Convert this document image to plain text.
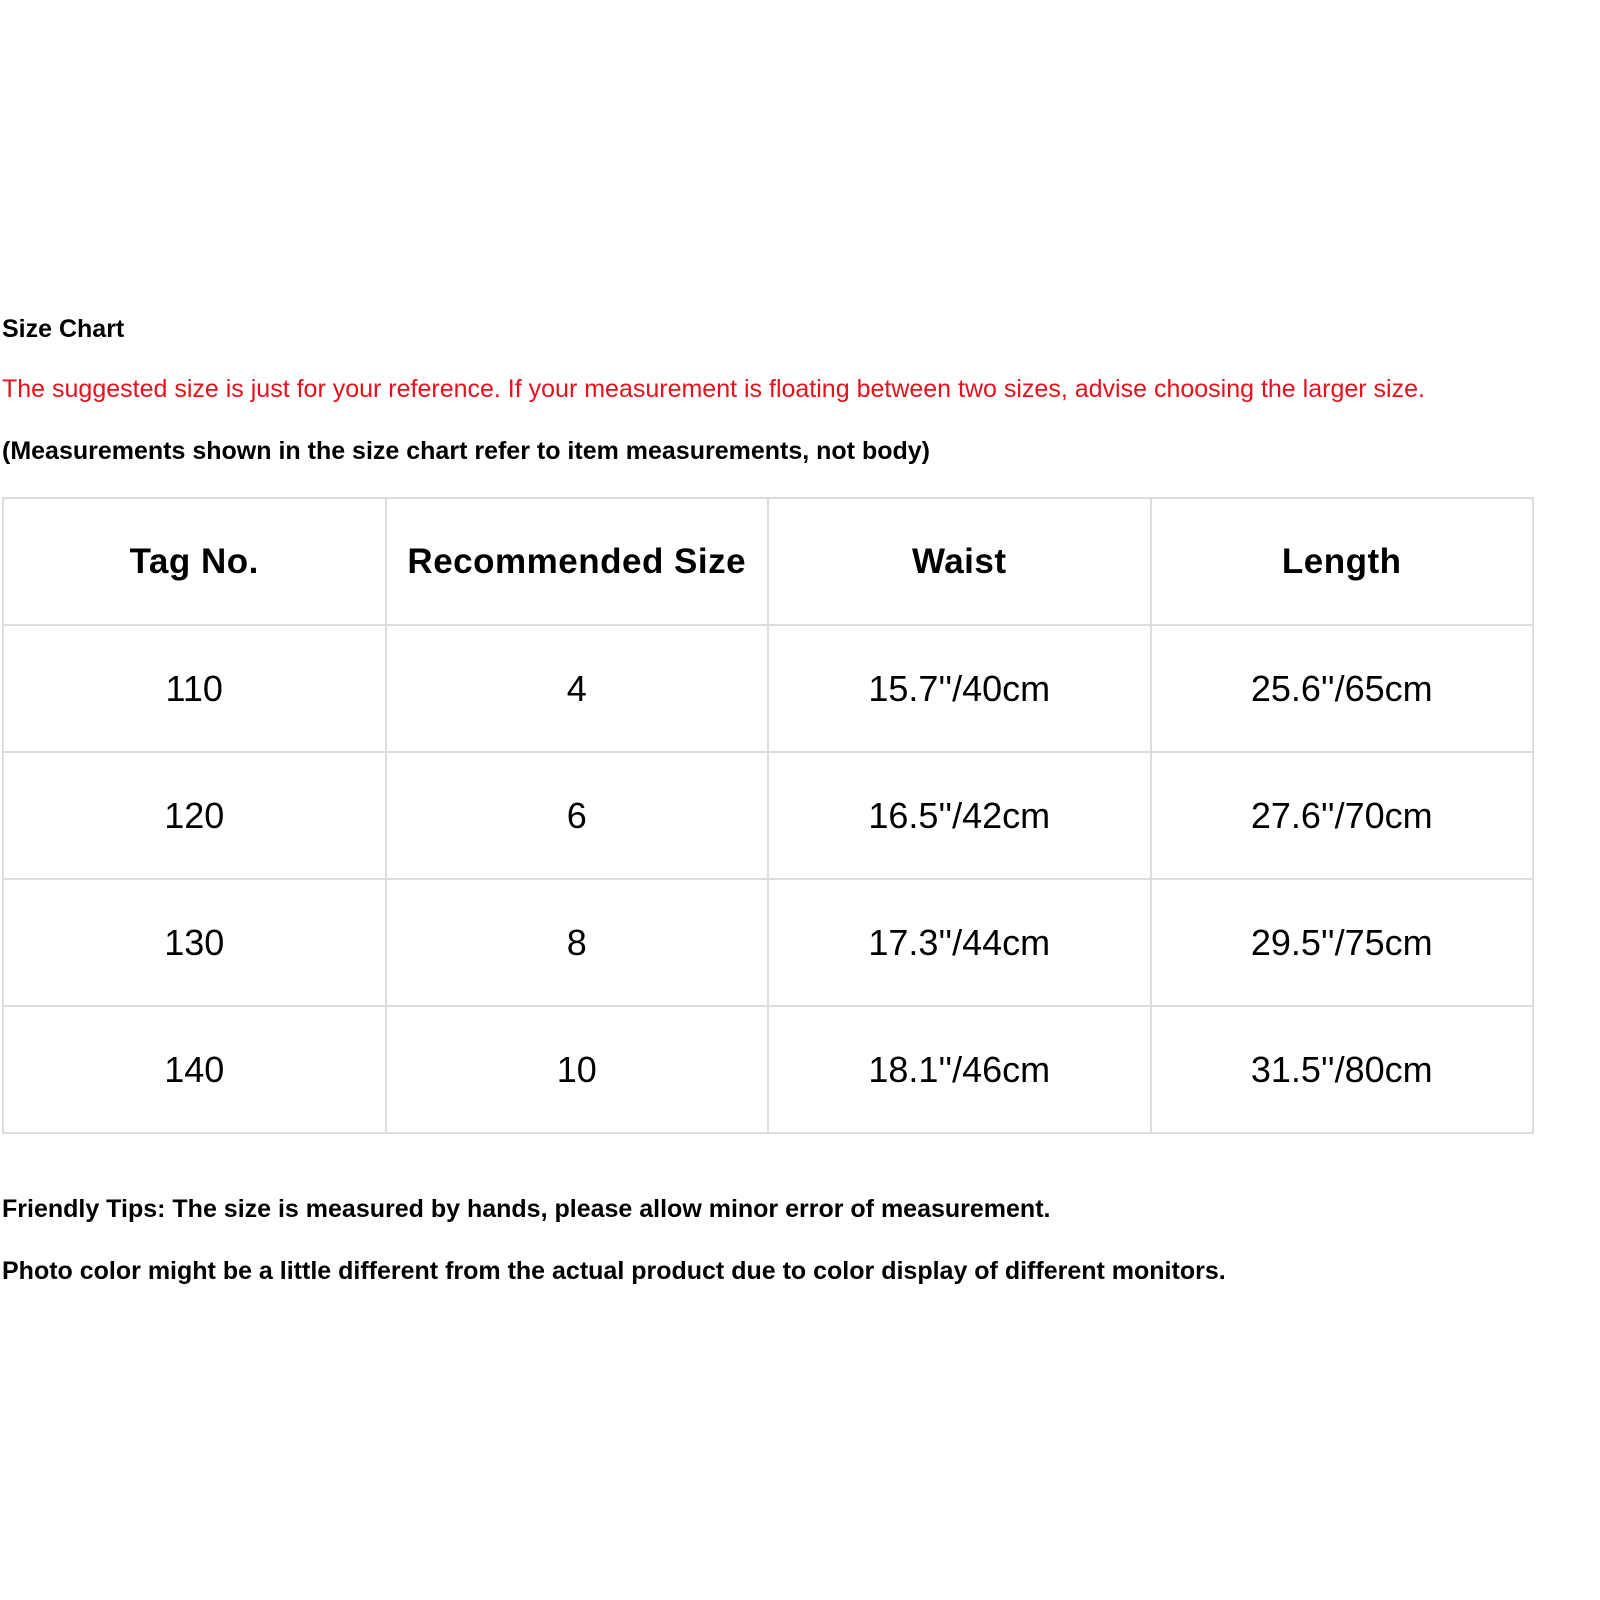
Size Chart
The suggested size is just for your reference. If your measurement is floating between two sizes, advise choosing the larger size.
(Measurements shown in the size chart refer to item measurements, not body)
Tag No.	Recommended Size	Waist	Length
110	4	15.7''/40cm	25.6''/65cm
120	6	16.5''/42cm	27.6''/70cm
130	8	17.3''/44cm	29.5''/75cm
140	10	18.1''/46cm	31.5''/80cm
Friendly Tips: The size is measured by hands, please allow minor error of measurement.
Photo color might be a little different from the actual product due to color display of different monitors.
